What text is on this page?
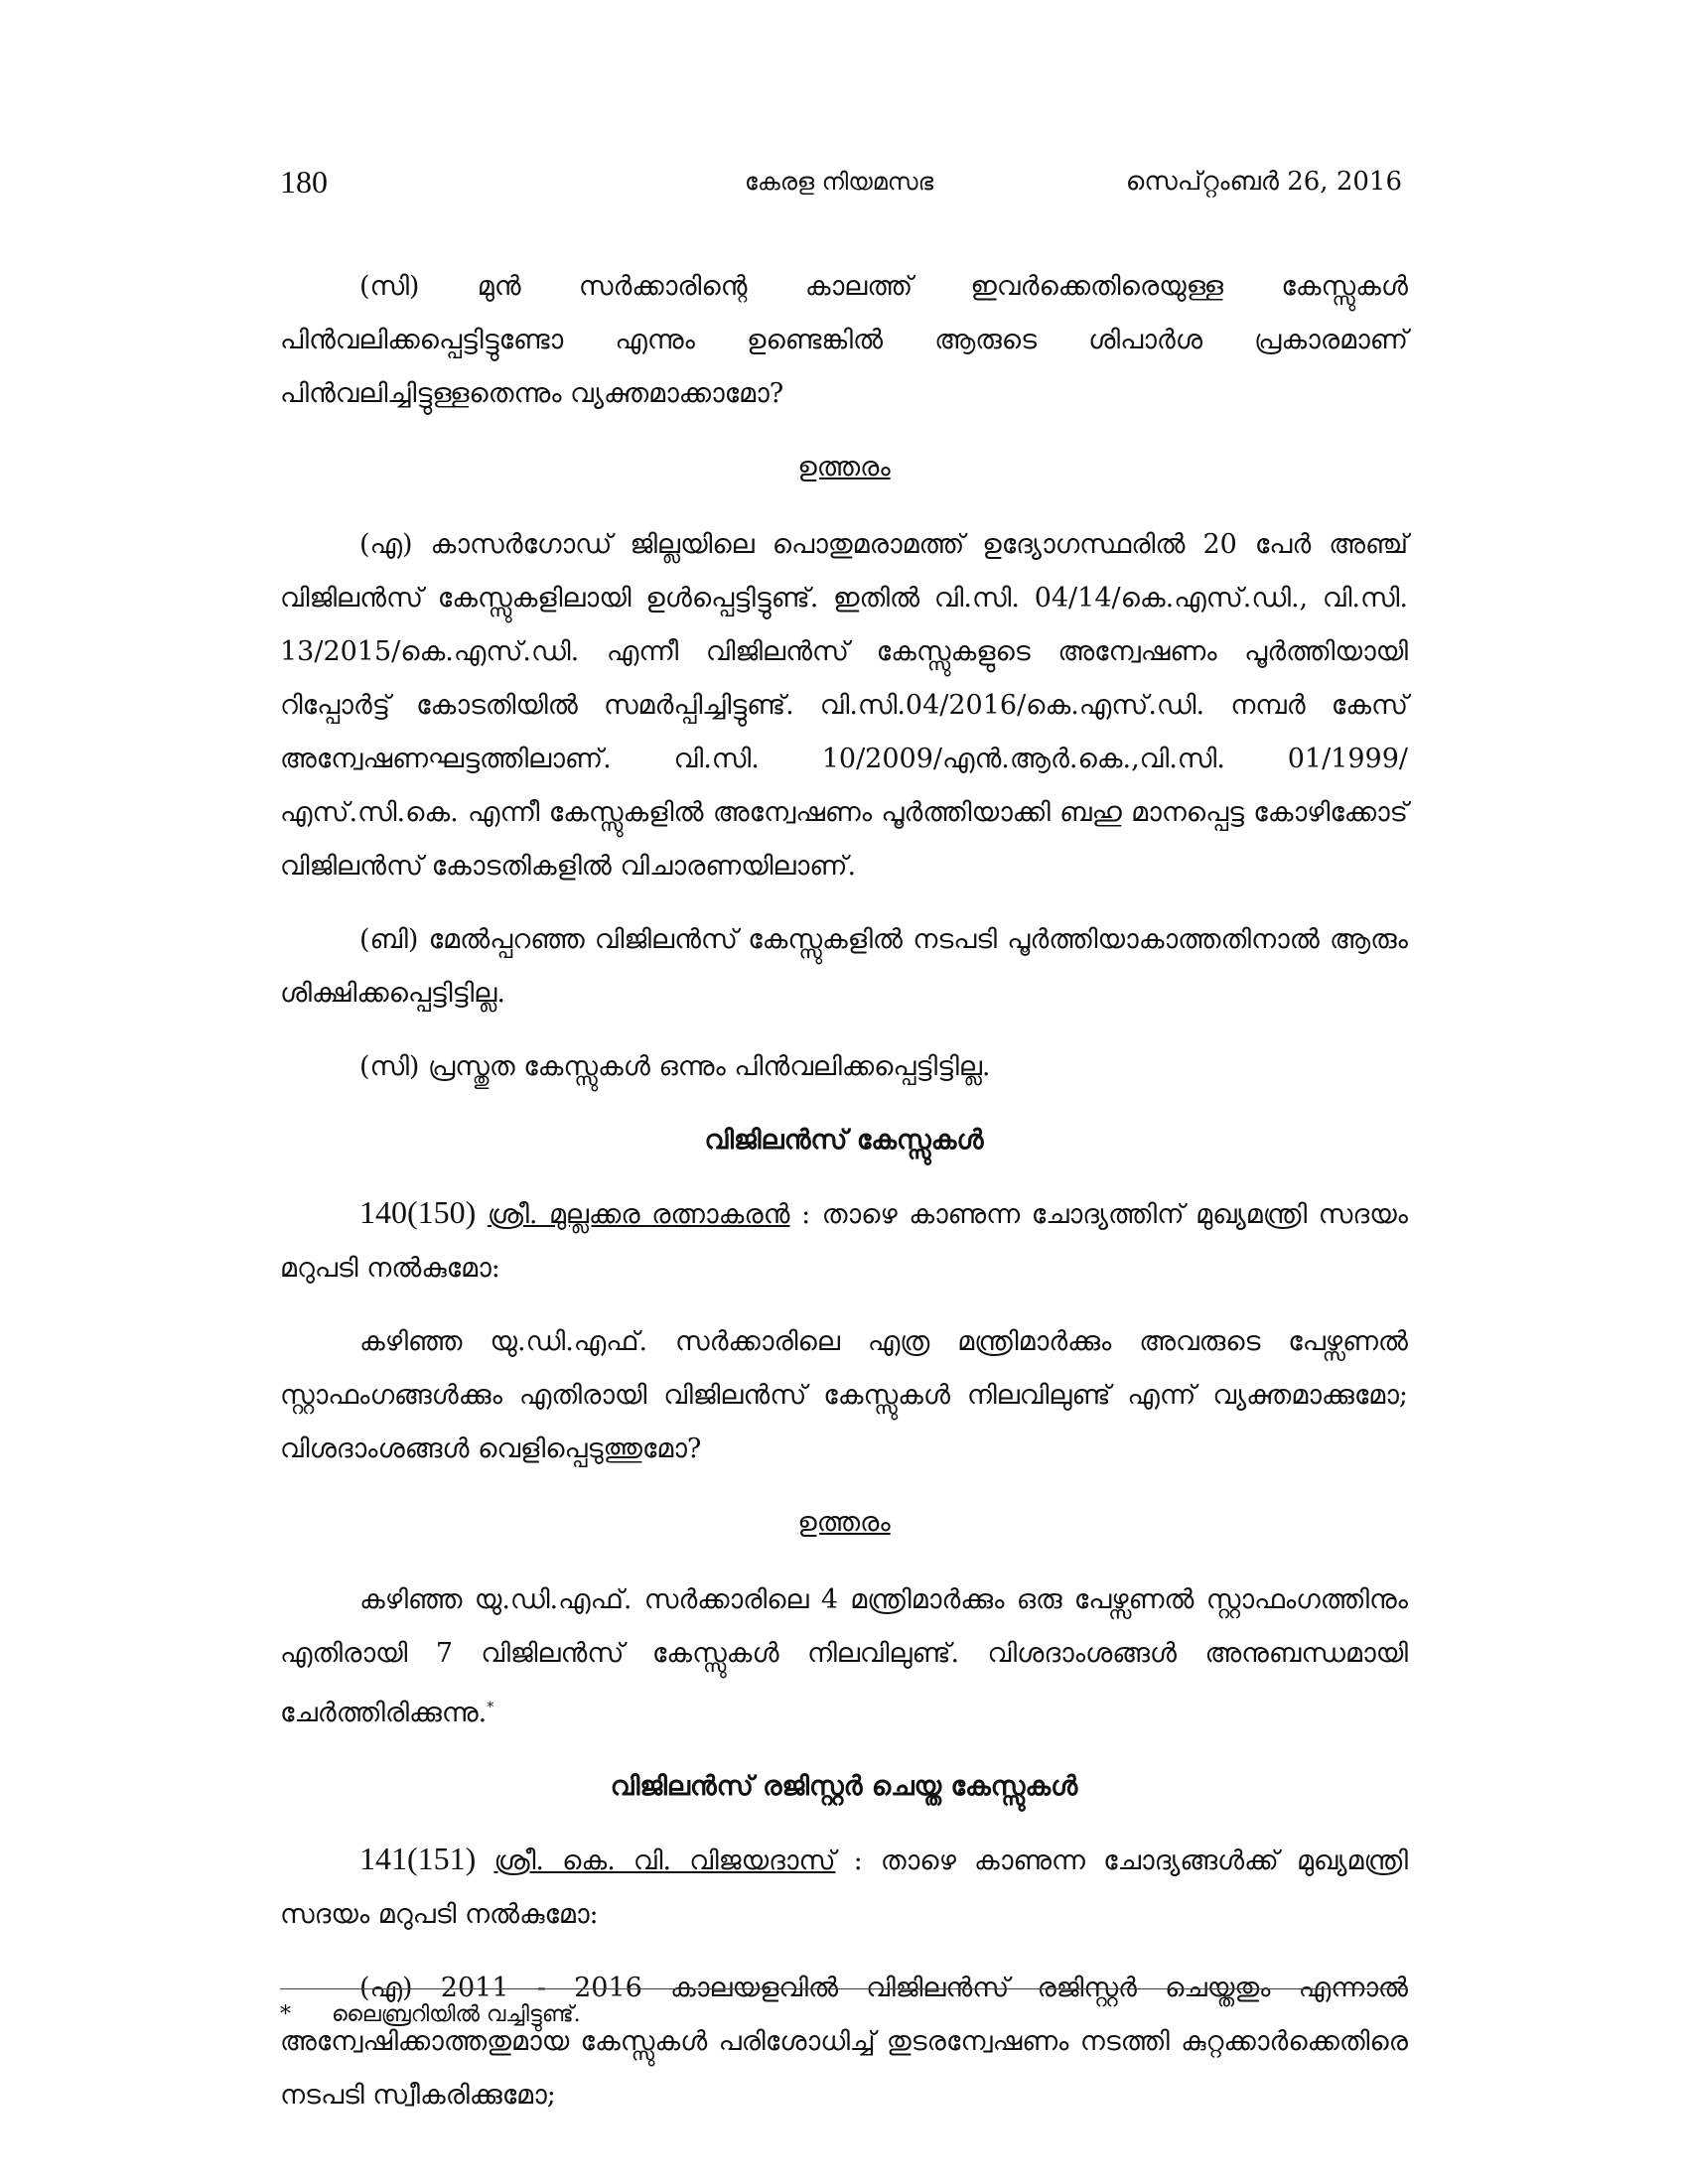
180	കേരള നിയമസഭ	സെപ്റ്റംബർ 26, 2016

(സി) മുൻ സർക്കാരിന്റെ കാലത്ത് ഇവർക്കെതിരെയുള്ള കേസ്സുകൾ പിൻവലിക്കപ്പെട്ടിട്ടുണ്ടോ എന്നും ഉണ്ടെങ്കിൽ ആരുടെ ശിപാർശ പ്രകാരമാണ് പിൻവലിച്ചിട്ടുള്ളതെന്നും വ്യക്തമാക്കാമോ?

ഉത്തരം

(എ) കാസർഗോഡ് ജില്ലയിലെ പൊതുമരാമത്ത് ഉദ്യോഗസ്ഥരിൽ 20 പേർ അഞ്ച് വിജിലൻസ് കേസ്സുകളിലായി ഉൾപ്പെട്ടിട്ടുണ്ട്. ഇതിൽ വി.സി. 04/14/കെ.എസ്.ഡി., വി.സി. 13/2015/കെ.എസ്.ഡി. എന്നീ വിജിലൻസ് കേസ്സുകളുടെ അന്വേഷണം പൂർത്തിയായി റിപ്പോർട്ട് കോടതിയിൽ സമർപ്പിച്ചിട്ടുണ്ട്. വി.സി.04/2016/കെ.എസ്.ഡി. നമ്പർ കേസ് അന്വേഷണഘട്ടത്തിലാണ്. വി.സി. 10/2009/എൻ.ആർ.കെ.,വി.സി. 01/1999/എസ്.സി.കെ. എന്നീ കേസ്സുകളിൽ അന്വേഷണം പൂർത്തിയാക്കി ബഹു മാനപ്പെട്ട കോഴിക്കോട് വിജിലൻസ് കോടതികളിൽ വിചാരണയിലാണ്.

(ബി) മേൽപ്പറഞ്ഞ വിജിലൻസ് കേസ്സുകളിൽ നടപടി പൂർത്തിയാകാത്തതിനാൽ ആരും ശിക്ഷിക്കപ്പെട്ടിട്ടില്ല.

(സി) പ്രസ്തുത കേസ്സുകൾ ഒന്നും പിൻവലിക്കപ്പെട്ടിട്ടില്ല.

വിജിലൻസ് കേസ്സുകൾ

140(150) ശ്രീ. മുല്ലക്കര രത്നാകരൻ : താഴെ കാണുന്ന ചോദ്യത്തിന് മുഖ്യമന്ത്രി സദയം മറുപടി നൽകുമോ:

കഴിഞ്ഞ യു.ഡി.എഫ്. സർക്കാരിലെ എത്ര മന്ത്രിമാർക്കും അവരുടെ പേഴ്സണൽ സ്റ്റാഫംഗങ്ങൾക്കും എതിരായി വിജിലൻസ് കേസ്സുകൾ നിലവിലുണ്ട് എന്ന് വ്യക്തമാക്കുമോ; വിശദാംശങ്ങൾ വെളിപ്പെടുത്തുമോ?

ഉത്തരം

കഴിഞ്ഞ യു.ഡി.എഫ്. സർക്കാരിലെ 4 മന്ത്രിമാർക്കും ഒരു പേഴ്സണൽ സ്റ്റാഫംഗത്തിനും എതിരായി 7 വിജിലൻസ് കേസ്സുകൾ നിലവിലുണ്ട്. വിശദാംശങ്ങൾ അനുബന്ധമായി ചേർത്തിരിക്കുന്നു.*

വിജിലൻസ് രജിസ്റ്റർ ചെയ്ത കേസ്സുകൾ

141(151) ശ്രീ. കെ. വി. വിജയദാസ് : താഴെ കാണുന്ന ചോദ്യങ്ങൾക്ക് മുഖ്യമന്ത്രി സദയം മറുപടി നൽകുമോ:

(എ) 2011 - 2016 കാലയളവിൽ വിജിലൻസ് രജിസ്റ്റർ ചെയ്തതും എന്നാൽ അന്വേഷിക്കാത്തതുമായ കേസ്സുകൾ പരിശോധിച്ച് തുടരന്വേഷണം നടത്തി കുറ്റക്കാർക്കെതിരെ നടപടി സ്വീകരിക്കുമോ;

* ലൈബ്രറിയിൽ വച്ചിട്ടുണ്ട്.
